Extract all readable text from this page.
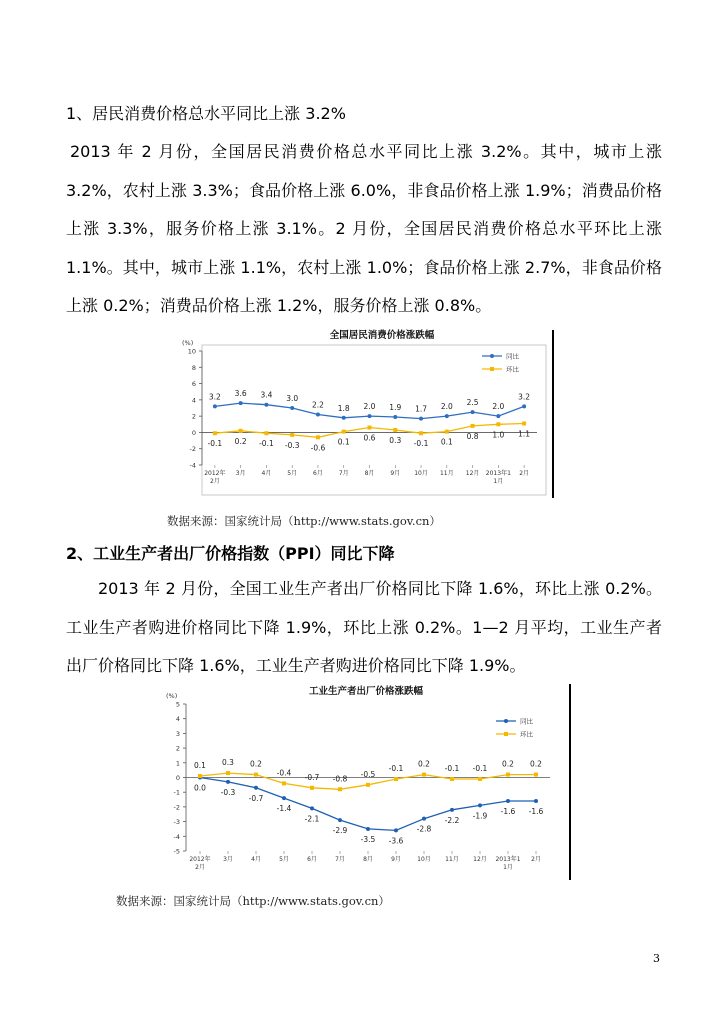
1、居民消费价格总水平同比上涨 3.2%
2013 年 2 月份，全国居民消费价格总水平同比上涨 3.2%。其中，城市上涨 3.2%，农村上涨 3.3%；食品价格上涨 6.0%，非食品价格上涨 1.9%；消费品价格上涨 3.3%，服务价格上涨 3.1%。2 月份，全国居民消费价格总水平环比上涨 1.1%。其中，城市上涨 1.1%，农村上涨 1.0%；食品价格上涨 2.7%，非食品价格上涨 0.2%；消费品价格上涨 1.2%，服务价格上涨 0.8%。
全国居民消费价格涨跌幅
(%)
-4
-2
0
2
4
6
8
10
2012年
2月
3月	4月	5月	6月	7月	8月	9月 10月 11月 12月 2013年1
1月
2月
3.2 3.6 3.4 3.0
2.2 1.8 2.0 1.9 1.7 2.0 2.5 2.0
3.2
同比
-0.1 0.2 -0.1 -0.3 -0.6
0.1 0.6 0.3 -0.1 0.1
0.8 1.0 1.1
环比
数据来源：国家统计局（http://www.stats.gov.cn）
2、工业生产者出厂价格指数（PPI）同比下降
2013 年 2 月份，全国工业生产者出厂价格同比下降 1.6%，环比上涨 0.2%。工业生产者购进价格同比下降 1.9%，环比上涨 0.2%。1—2 月平均，工业生产者出厂价格同比下降 1.6%，工业生产者购进价格同比下降 1.9%。
工业生产者出厂价格涨跌幅
(%)
-5
-4
-3
-2
-1
0
1
2
3
4
5
2012年
2月
3月	4月	5月	6月	7月	8月	9月	10月 11月 12月 2013年1
1月
2月
0.0 -0.3
-0.7
-1.4
-2.1
-2.9
-3.5 -3.6
-2.8
-2.2 -1.9 -1.6 -1.6
同比
0.1 0.3 0.2
-0.4 -0.7 -0.8 -0.5
-0.1 0.2 -0.1 -0.1 0.2 0.2
环比
数据来源：国家统计局（http://www.stats.gov.cn）
3
